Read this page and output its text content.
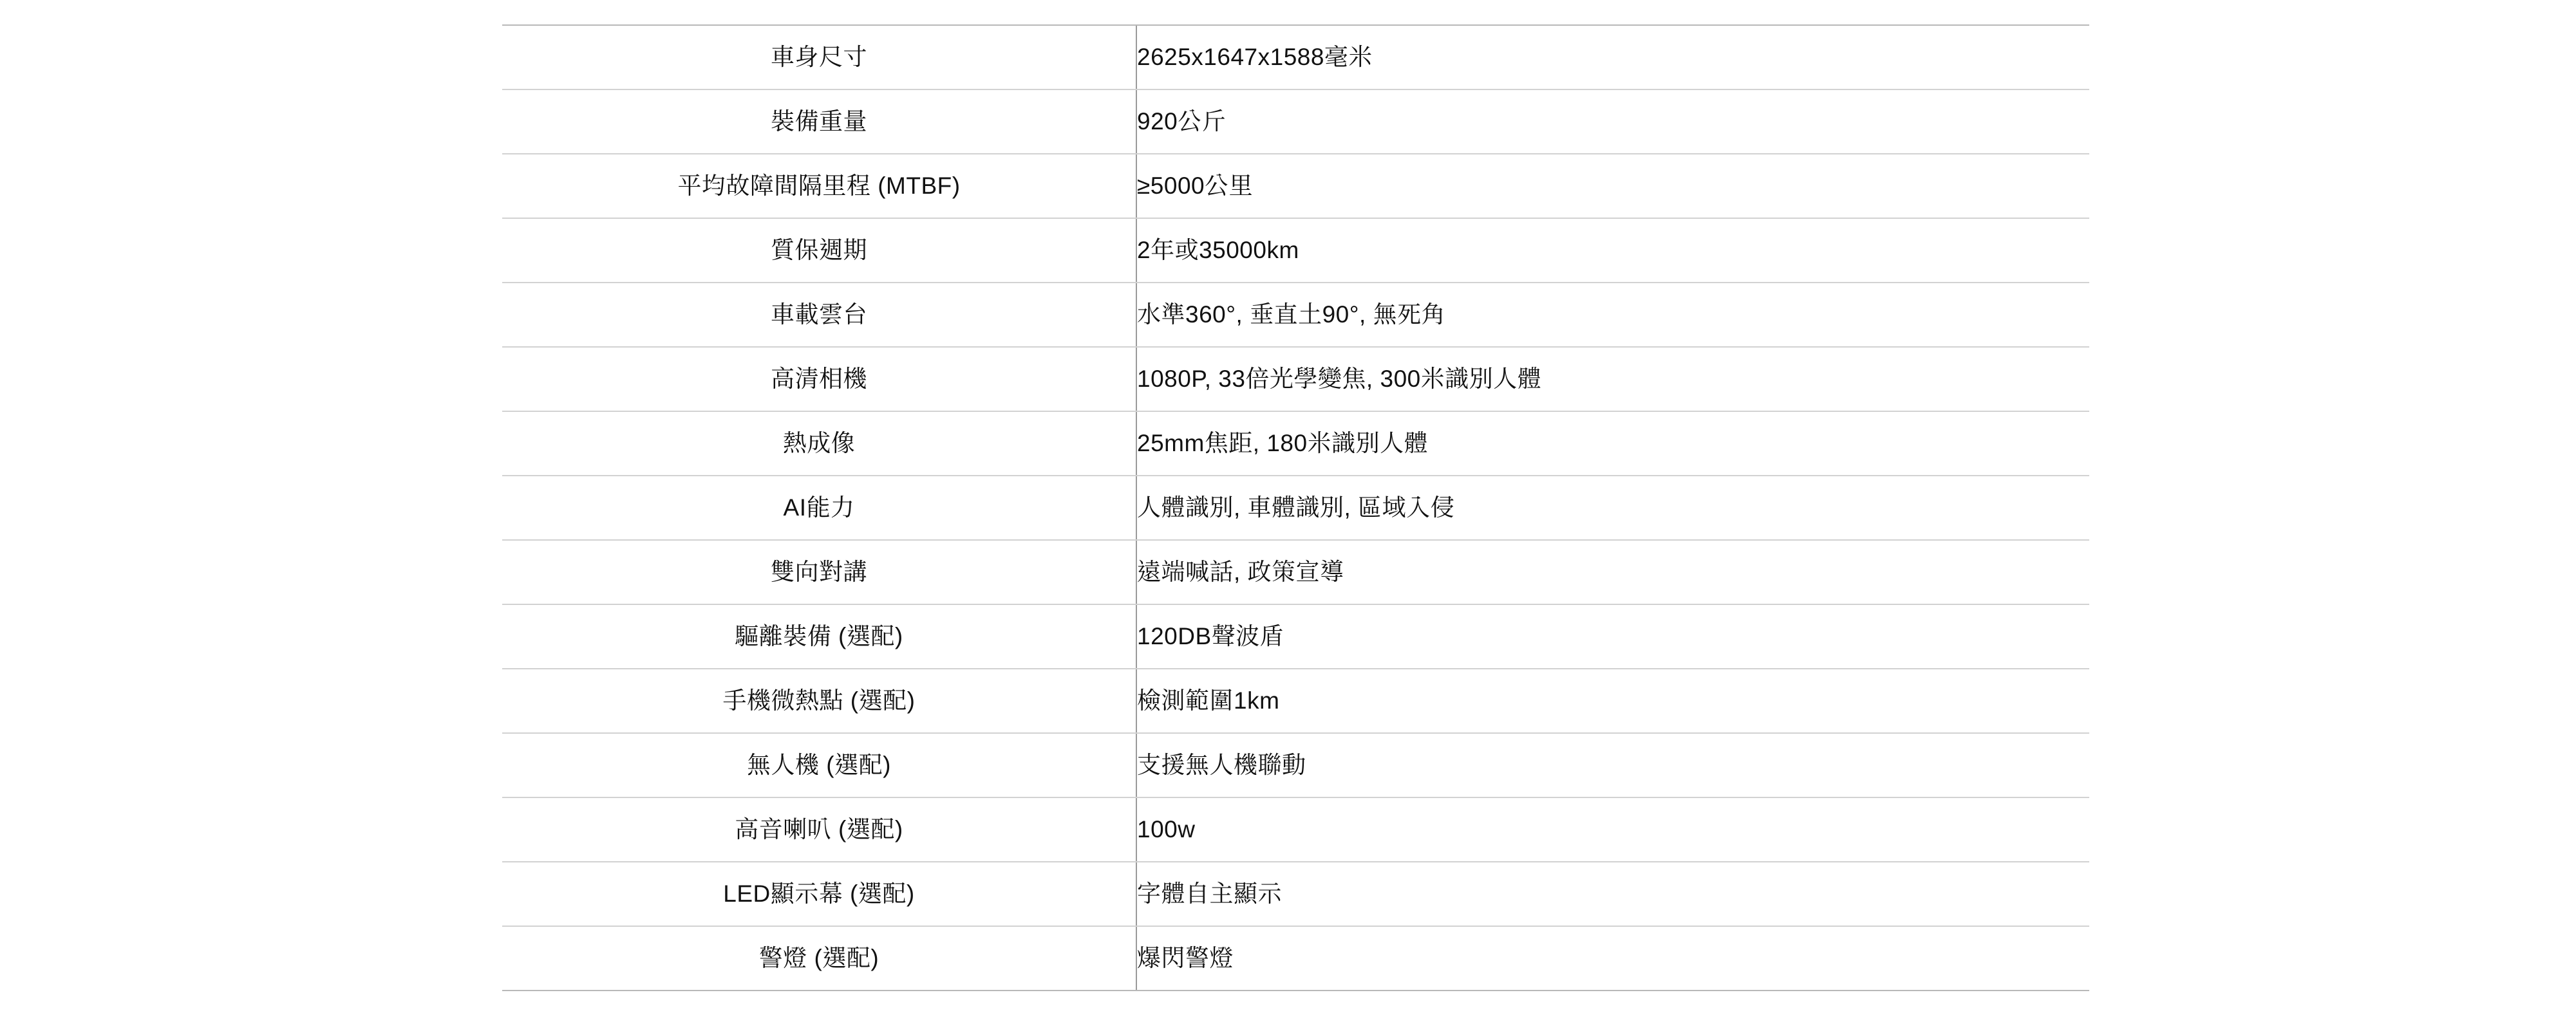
車身尺寸	2625x1647x1588毫米
裝備重量	920公斤
平均故障間隔里程 (MTBF)	≥5000公里
質保週期	2年或35000km
車載雲台	水準360°, 垂直土90°, 無死角
高清相機	1080P, 33倍光學變焦, 300米識別人體
熱成像	25mm焦距, 180米識別人體
AI能力	人體識別, 車體識別, 區域入侵
雙向對講	遠端喊話, 政策宣導
驅離裝備 (選配)	120DB聲波盾
手機微熱點 (選配)	檢測範圍1km
無人機 (選配)	支援無人機聯動
高音喇叭 (選配)	100w
LED顯示幕 (選配)	字體自主顯示
警燈 (選配)	爆閃警燈
